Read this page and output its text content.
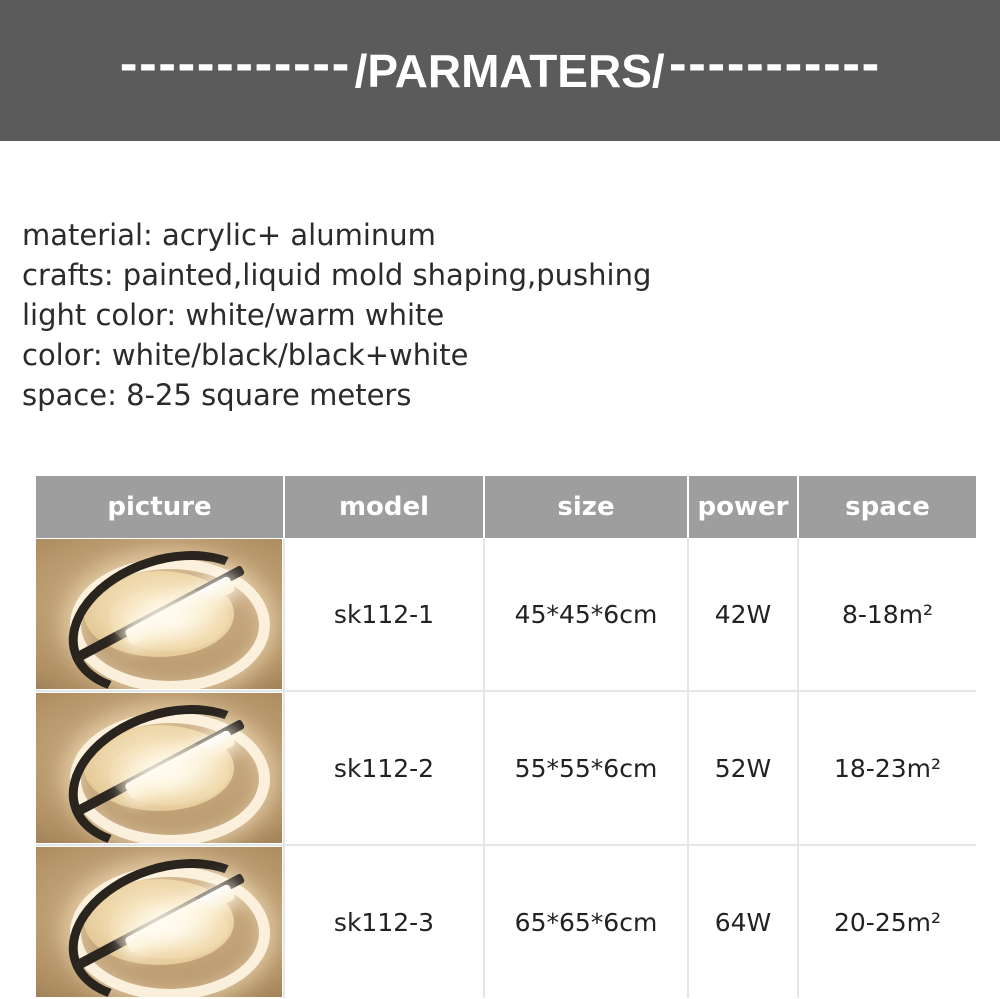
------------ /PARMATERS/ -----------
material: acrylic+ aluminum
crafts: painted,liquid mold shaping,pushing
light color: white/warm white
color: white/black/black+white
space: 8-25 square meters
picture	model	size	power	space

	sk112-1	45*45*6cm	42W	8-18m²

	sk112-2	55*55*6cm	52W	18-23m²

	sk112-3	65*65*6cm	64W	20-25m²
